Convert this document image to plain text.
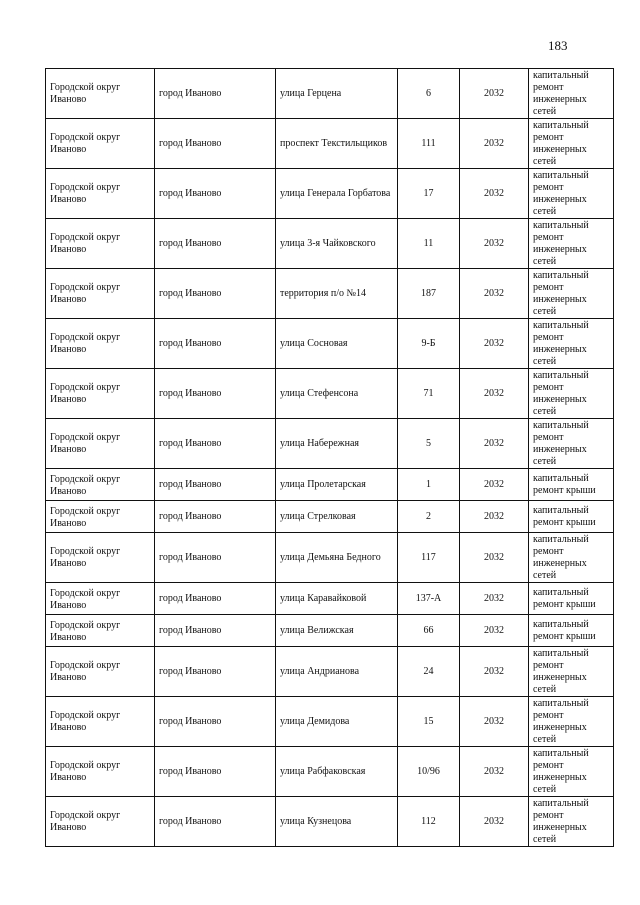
183
Городской округ Иваново	город Иваново	улица Герцена	6	2032	капитальный ремонт инженерных сетей
Городской округ Иваново	город Иваново	проспект Текстильщиков	111	2032	капитальный ремонт инженерных сетей
Городской округ Иваново	город Иваново	улица Генерала Горбатова	17	2032	капитальный ремонт инженерных сетей
Городской округ Иваново	город Иваново	улица 3-я Чайковского	11	2032	капитальный ремонт инженерных сетей
Городской округ Иваново	город Иваново	территория п/о №14	187	2032	капитальный ремонт инженерных сетей
Городской округ Иваново	город Иваново	улица Сосновая	9-Б	2032	капитальный ремонт инженерных сетей
Городской округ Иваново	город Иваново	улица Стефенсона	71	2032	капитальный ремонт инженерных сетей
Городской округ Иваново	город Иваново	улица Набережная	5	2032	капитальный ремонт инженерных сетей
Городской округ Иваново	город Иваново	улица Пролетарская	1	2032	капитальный ремонт крыши
Городской округ Иваново	город Иваново	улица Стрелковая	2	2032	капитальный ремонт крыши
Городской округ Иваново	город Иваново	улица Демьяна Бедного	117	2032	капитальный ремонт инженерных сетей
Городской округ Иваново	город Иваново	улица Каравайковой	137-А	2032	капитальный ремонт крыши
Городской округ Иваново	город Иваново	улица Велижская	66	2032	капитальный ремонт крыши
Городской округ Иваново	город Иваново	улица Андрианова	24	2032	капитальный ремонт инженерных сетей
Городской округ Иваново	город Иваново	улица Демидова	15	2032	капитальный ремонт инженерных сетей
Городской округ Иваново	город Иваново	улица Рабфаковская	10/96	2032	капитальный ремонт инженерных сетей
Городской округ Иваново	город Иваново	улица Кузнецова	112	2032	капитальный ремонт инженерных сетей
